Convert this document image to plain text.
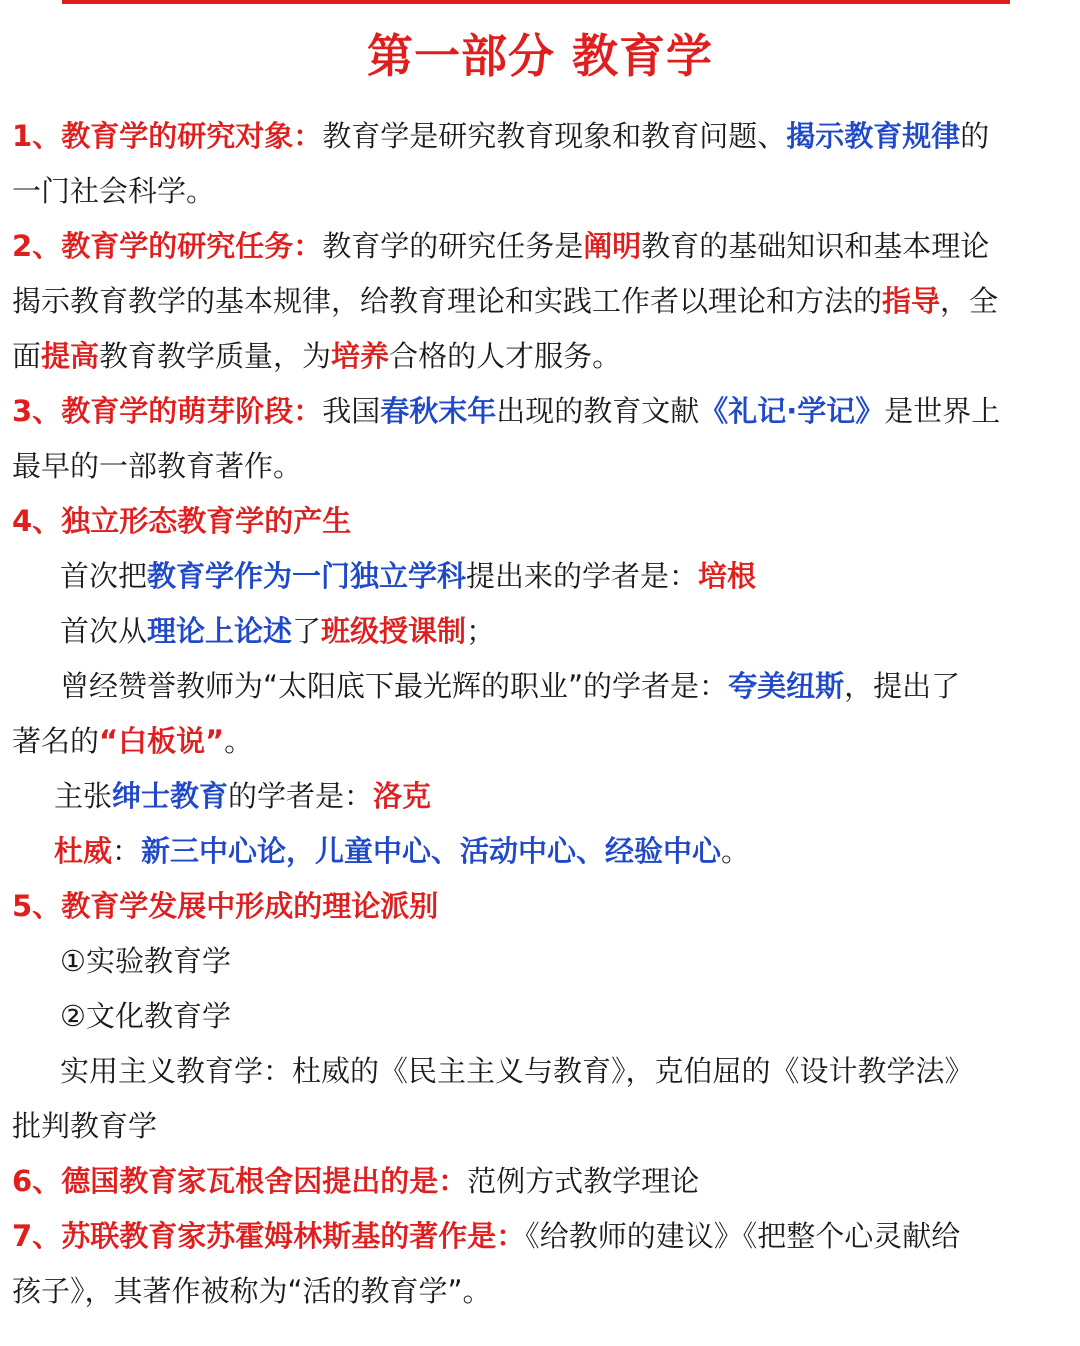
第一部分 教育学
1、教育学的研究对象：教育学是研究教育现象和教育问题、揭示教育规律的
一门社会科学。
2、教育学的研究任务：教育学的研究任务是阐明教育的基础知识和基本理论
揭示教育教学的基本规律，给教育理论和实践工作者以理论和方法的指导，全
面提高教育教学质量，为培养合格的人才服务。
3、教育学的萌芽阶段：我国春秋末年出现的教育文献《礼记·学记》是世界上
最早的一部教育著作。
4、独立形态教育学的产生
首次把教育学作为一门独立学科提出来的学者是：培根
首次从理论上论述了班级授课制；
曾经赞誉教师为“太阳底下最光辉的职业”的学者是：夸美纽斯，提出了
著名的“白板说”。
主张绅士教育的学者是：洛克
杜威：新三中心论，儿童中心、活动中心、经验中心。
5、教育学发展中形成的理论派别
①实验教育学
②文化教育学
实用主义教育学：杜威的《民主主义与教育》，克伯屈的《设计教学法》
批判教育学
6、德国教育家瓦根舍因提出的是：范例方式教学理论
7、苏联教育家苏霍姆林斯基的著作是：《给教师的建议》《把整个心灵献给
孩子》，其著作被称为“活的教育学”。
